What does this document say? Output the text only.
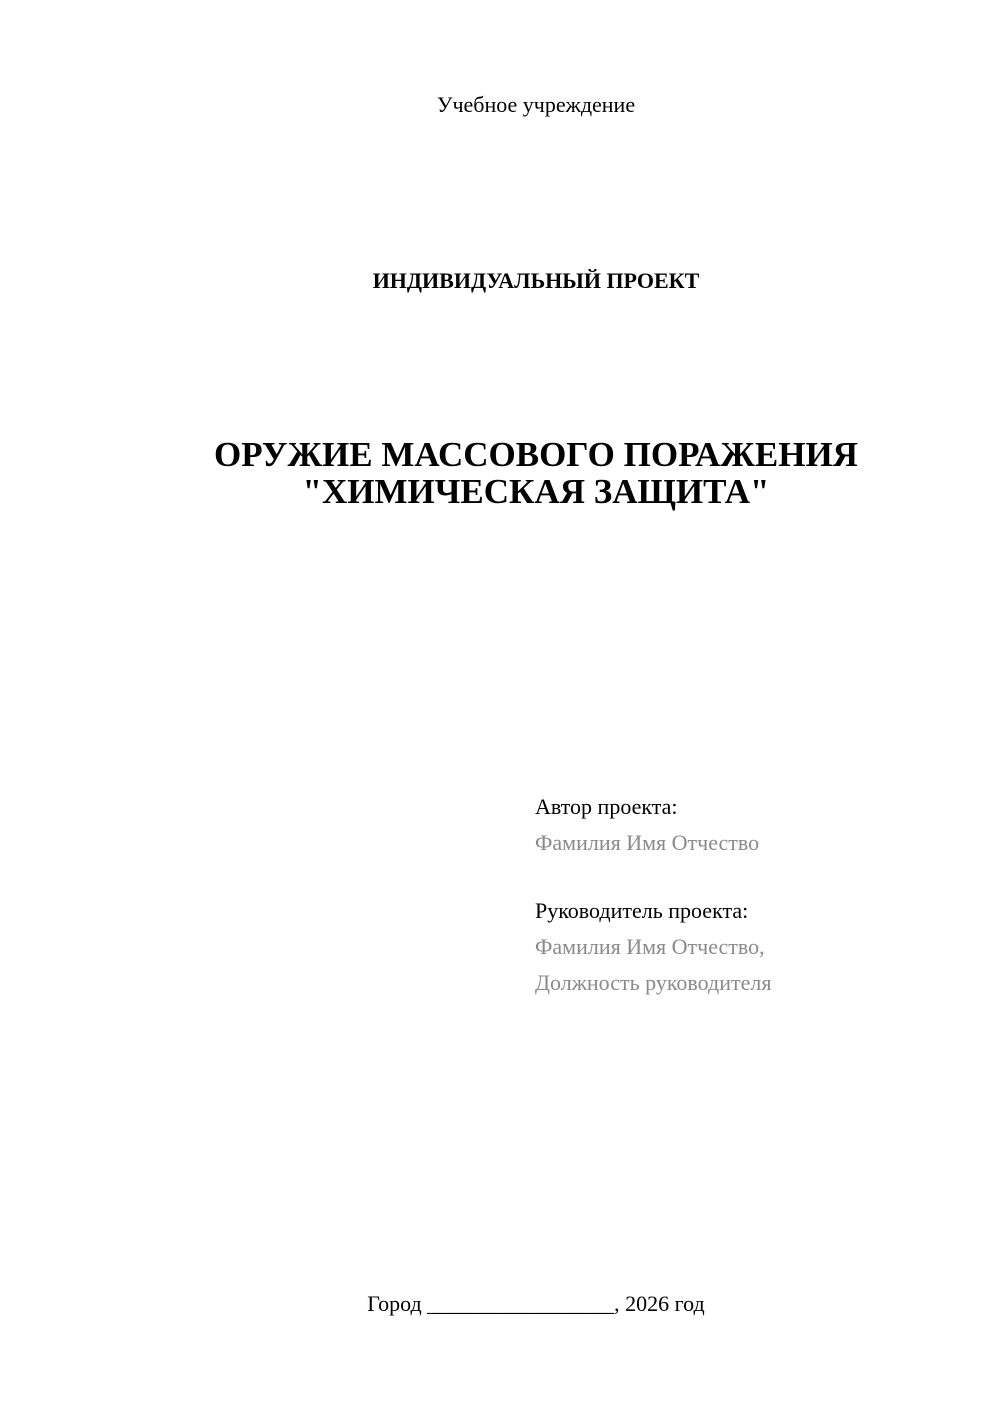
Учебное учреждение
ИНДИВИДУАЛЬНЫЙ ПРОЕКТ
ОРУЖИЕ МАССОВОГО ПОРАЖЕНИЯ
"ХИМИЧЕСКАЯ ЗАЩИТА"
Автор проекта:
Фамилия Имя Отчество
Руководитель проекта:
Фамилия Имя Отчество,
Должность руководителя
Город _________________, 2026 год
